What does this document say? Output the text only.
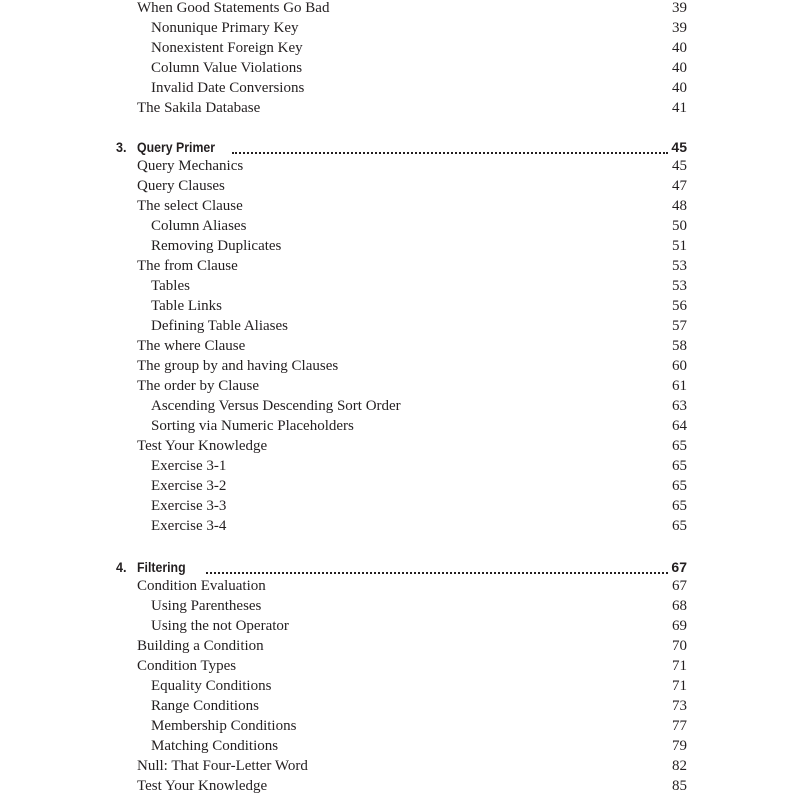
When Good Statements Go Bad	39
Nonunique Primary Key	39
Nonexistent Foreign Key	40
Column Value Violations	40
Invalid Date Conversions	40
The Sakila Database	41
3. Query Primer	45
Query Mechanics	45
Query Clauses	47
The select Clause	48
Column Aliases	50
Removing Duplicates	51
The from Clause	53
Tables	53
Table Links	56
Defining Table Aliases	57
The where Clause	58
The group by and having Clauses	60
The order by Clause	61
Ascending Versus Descending Sort Order	63
Sorting via Numeric Placeholders	64
Test Your Knowledge	65
Exercise 3-1	65
Exercise 3-2	65
Exercise 3-3	65
Exercise 3-4	65
4. Filtering	67
Condition Evaluation	67
Using Parentheses	68
Using the not Operator	69
Building a Condition	70
Condition Types	71
Equality Conditions	71
Range Conditions	73
Membership Conditions	77
Matching Conditions	79
Null: That Four-Letter Word	82
Test Your Knowledge	85
